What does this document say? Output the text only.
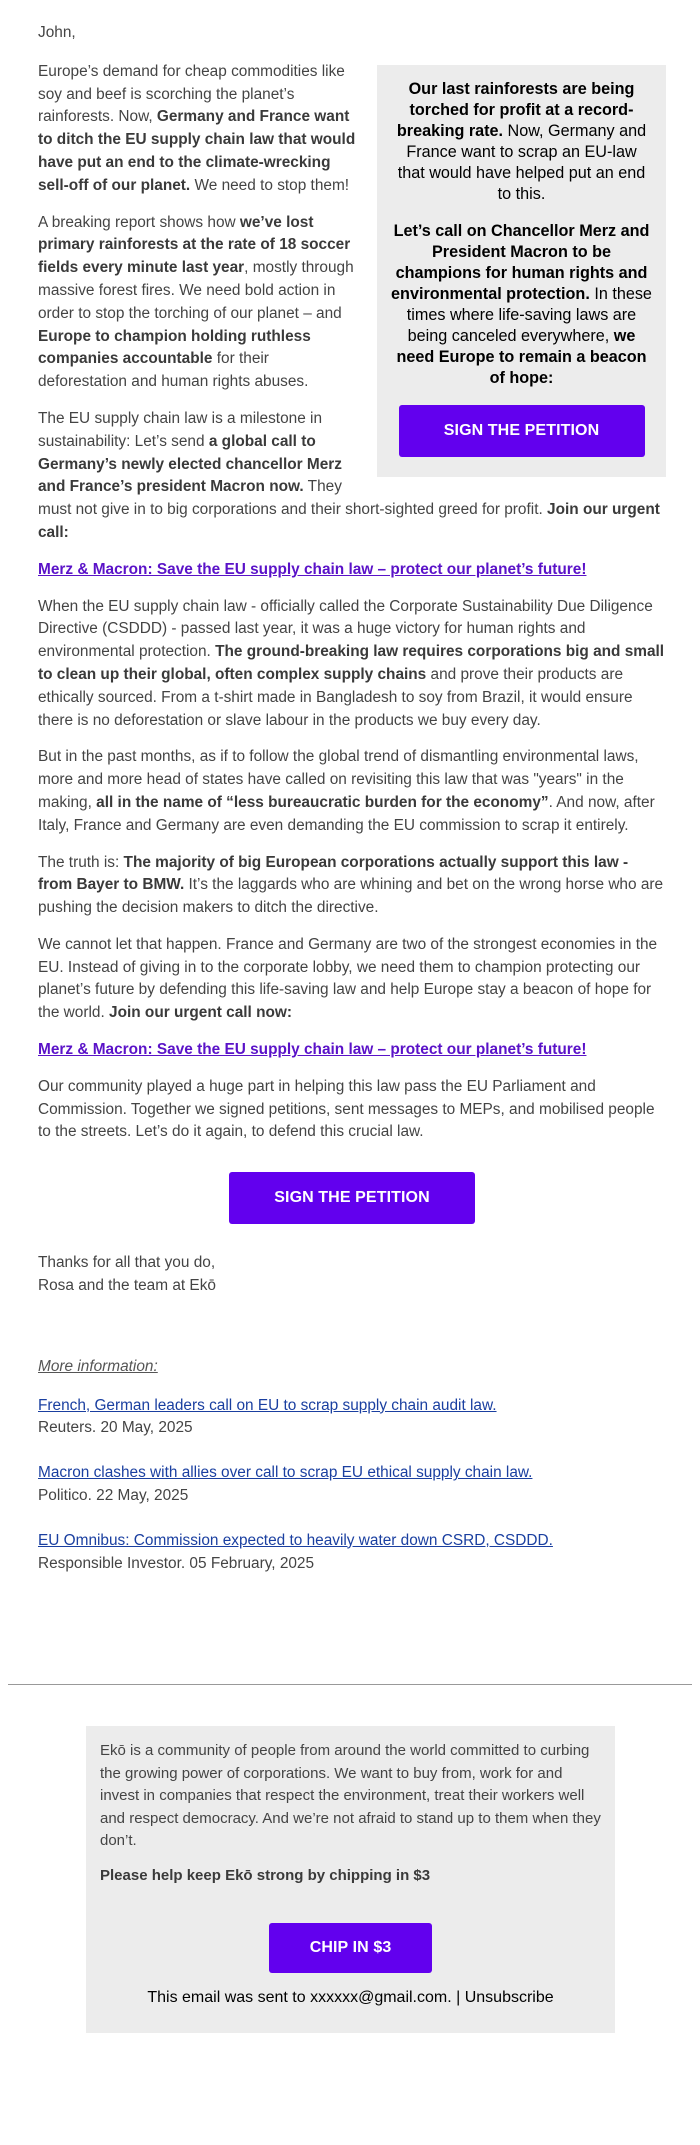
John,

Our last rainforests are being torched for profit at a record-breaking rate. Now, Germany and France want to scrap an EU-law that would have helped put an end to this.

Let’s call on Chancellor Merz and President Macron to be champions for human rights and environmental protection. In these times where life-saving laws are being canceled everywhere, we need Europe to remain a beacon of hope:

SIGN THE PETITION

Europe’s demand for cheap commodities like soy and beef is scorching the planet’s rainforests. Now, Germany and France want to ditch the EU supply chain law that would have put an end to the climate-wrecking sell-off of our planet. We need to stop them!

A breaking report shows how we’ve lost primary rainforests at the rate of 18 soccer fields every minute last year, mostly through massive forest fires. We need bold action in order to stop the torching of our planet – and Europe to champion holding ruthless companies accountable for their deforestation and human rights abuses.

The EU supply chain law is a milestone in sustainability: Let’s send a global call to Germany’s newly elected chancellor Merz and France’s president Macron now. They must not give in to big corporations and their short-sighted greed for profit. Join our urgent call:

Merz & Macron: Save the EU supply chain law – protect our planet’s future!

When the EU supply chain law - officially called the Corporate Sustainability Due Diligence Directive (CSDDD) - passed last year, it was a huge victory for human rights and environmental protection. The ground-breaking law requires corporations big and small to clean up their global, often complex supply chains and prove their products are ethically sourced. From a t-shirt made in Bangladesh to soy from Brazil, it would ensure there is no deforestation or slave labour in the products we buy every day.

But in the past months, as if to follow the global trend of dismantling environmental laws, more and more head of states have called on revisiting this law that was "years" in the making, all in the name of “less bureaucratic burden for the economy”. And now, after Italy, France and Germany are even demanding the EU commission to scrap it entirely.

The truth is: The majority of big European corporations actually support this law - from Bayer to BMW. It’s the laggards who are whining and bet on the wrong horse who are pushing the decision makers to ditch the directive.

We cannot let that happen. France and Germany are two of the strongest economies in the EU. Instead of giving in to the corporate lobby, we need them to champion protecting our planet’s future by defending this life-saving law and help Europe stay a beacon of hope for the world. Join our urgent call now:

Merz & Macron: Save the EU supply chain law – protect our planet’s future!

Our community played a huge part in helping this law pass the EU Parliament and Commission. Together we signed petitions, sent messages to MEPs, and mobilised people to the streets. Let’s do it again, to defend this crucial law.

SIGN THE PETITION
Thanks for all that you do,
Rosa and the team at Ekō

More information:

French, German leaders call on EU to scrap supply chain audit law.
Reuters. 20 May, 2025
Macron clashes with allies over call to scrap EU ethical supply chain law.
Politico. 22 May, 2025
EU Omnibus: Commission expected to heavily water down CSRD, CSDDD.
Responsible Investor. 05 February, 2025

Ekō is a community of people from around the world committed to curbing the growing power of corporations. We want to buy from, work for and invest in companies that respect the environment, treat their workers well and respect democracy. And we’re not afraid to stand up to them when they don’t.

Please help keep Ekō strong by chipping in $3

CHIP IN $3
This email was sent to xxxxxx@gmail.com. | Unsubscribe
